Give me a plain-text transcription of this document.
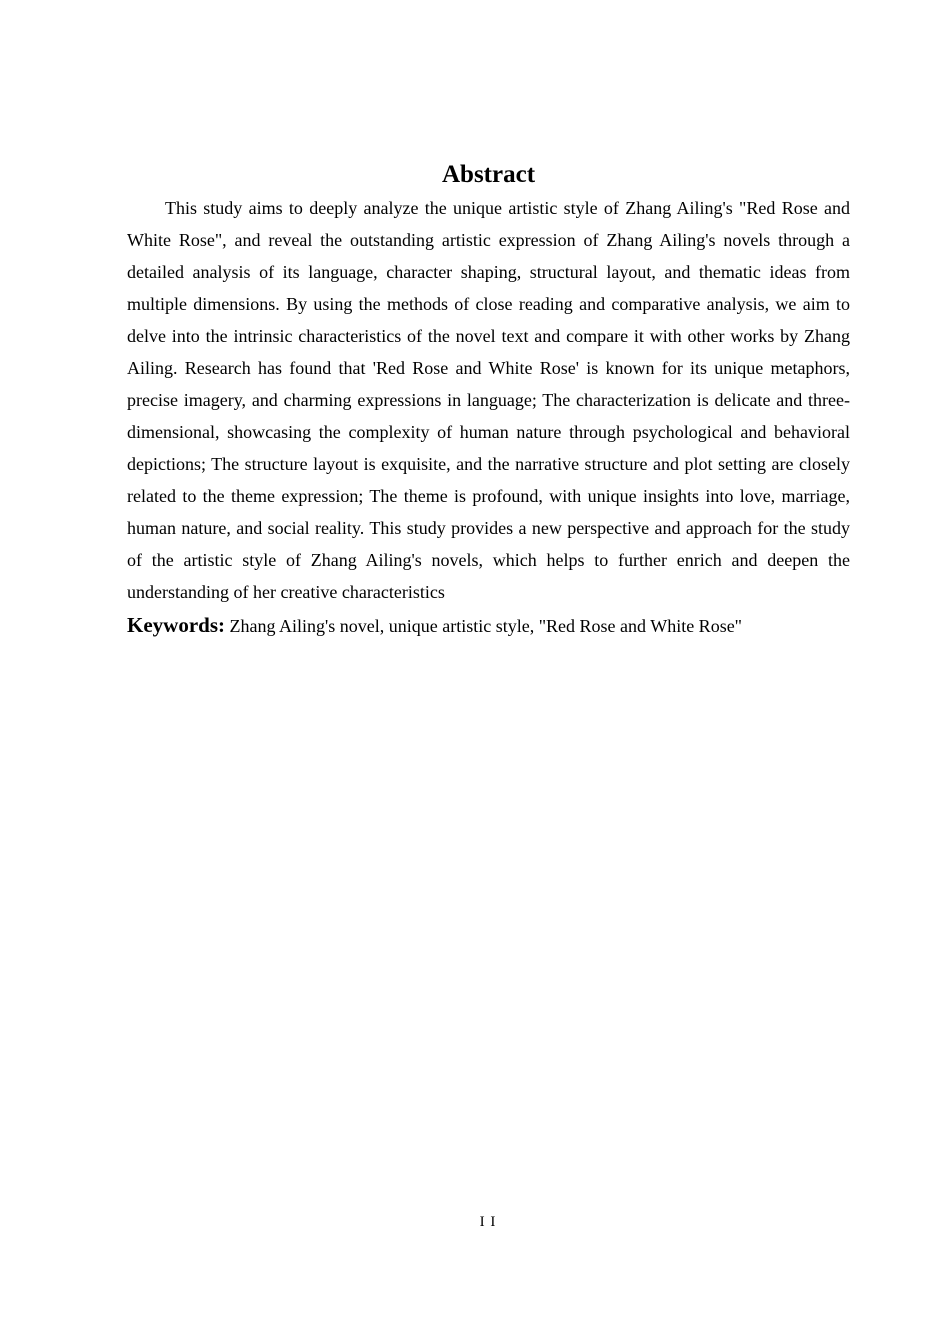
Abstract

This study aims to deeply analyze the unique artistic style of Zhang Ailing's "Red Rose and White Rose", and reveal the outstanding artistic expression of Zhang Ailing's novels through a detailed analysis of its language, character shaping, structural layout, and thematic ideas from multiple dimensions. By using the methods of close reading and comparative analysis, we aim to delve into the intrinsic characteristics of the novel text and compare it with other works by Zhang Ailing. Research has found that 'Red Rose and White Rose' is known for its unique metaphors, precise imagery, and charming expressions in language; The characterization is delicate and three-dimensional, showcasing the complexity of human nature through psychological and behavioral depictions; The structure layout is exquisite, and the narrative structure and plot setting are closely related to the theme expression; The theme is profound, with unique insights into love, marriage, human nature, and social reality. This study provides a new perspective and approach for the study of the artistic style of Zhang Ailing's novels, which helps to further enrich and deepen the understanding of her creative characteristics

Keywords: Zhang Ailing's novel, unique artistic style, "Red Rose and White Rose"

I I
